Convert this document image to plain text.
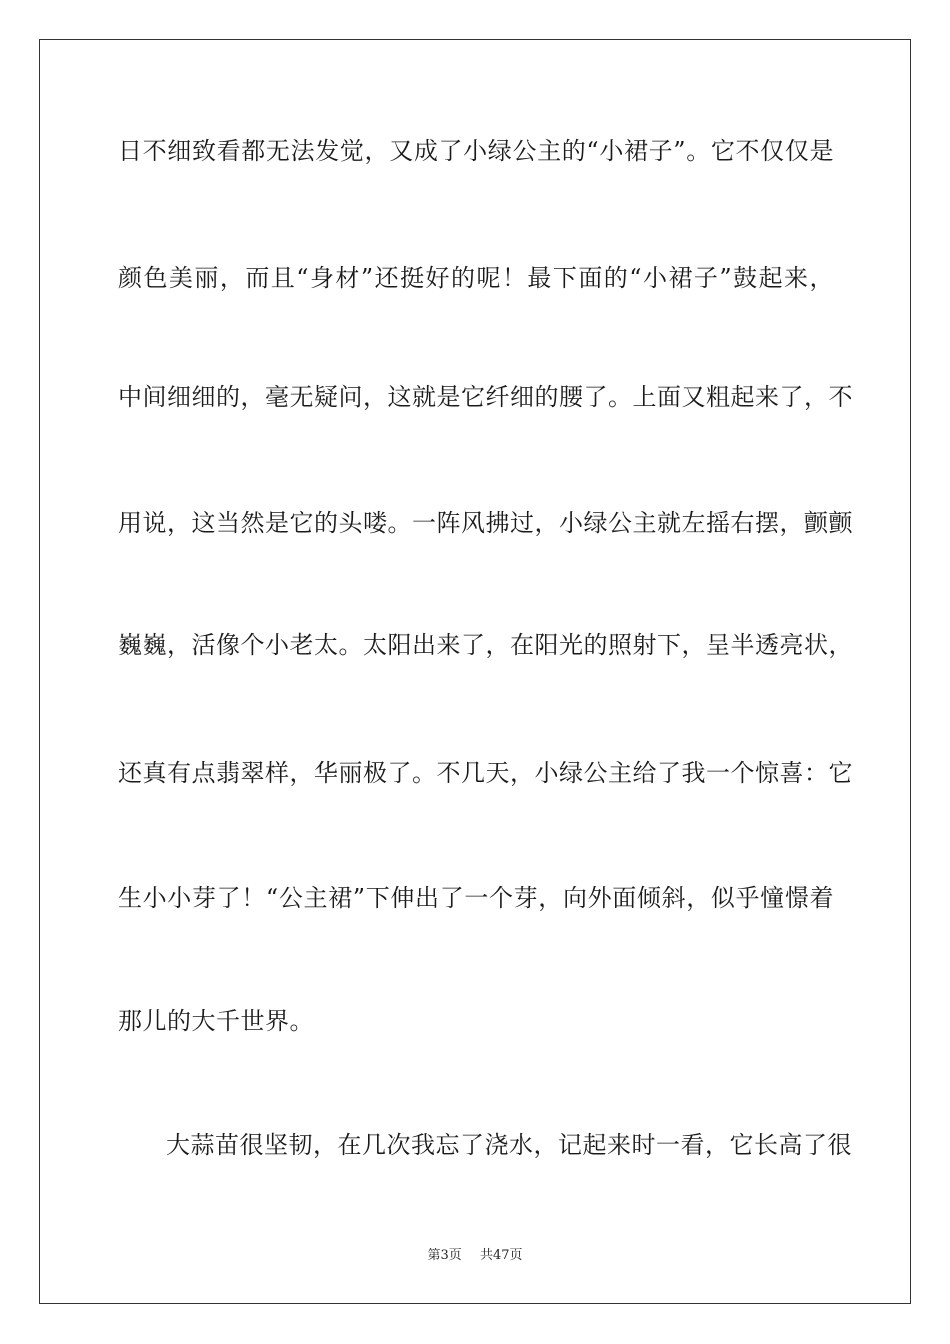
日不细致看都无法发觉，又成了小绿公主的“小裙子”。它不仅仅是
颜色美丽，而且“身材”还挺好的呢！最下面的“小裙子”鼓起来，
中间细细的，毫无疑问，这就是它纤细的腰了。上面又粗起来了，不
用说，这当然是它的头喽。一阵风拂过，小绿公主就左摇右摆，颤颤
巍巍，活像个小老太。太阳出来了，在阳光的照射下，呈半透亮状，
还真有点翡翠样，华丽极了。不几天，小绿公主给了我一个惊喜：它
生小小芽了！“公主裙”下伸出了一个芽，向外面倾斜，似乎憧憬着
那儿的大千世界。
大蒜苗很坚韧，在几次我忘了浇水，记起来时一看，它长高了很
第3页 共47页
